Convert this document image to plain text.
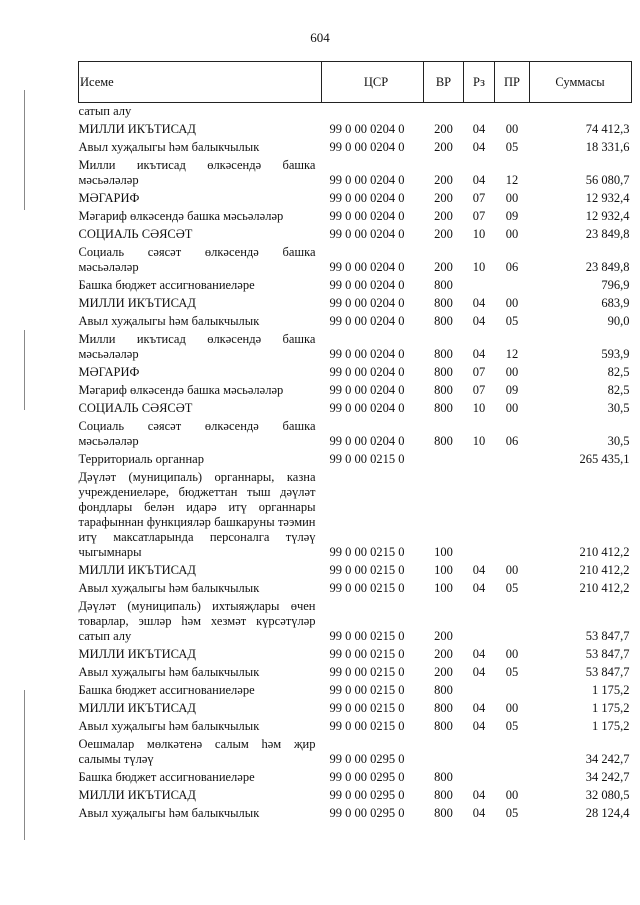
604
Исеме	ЦСР	ВР	Рз	ПР	Суммасы
сатып алу					
МИЛЛИ ИКЪТИСАД	99 0 00 0204 0	200	04	00	74 412,3
Авыл хуҗалыгы һәм балыкчылык	99 0 00 0204 0	200	04	05	18 331,6
Милли икътисад өлкәсендә башка мәсьәләләр	99 0 00 0204 0	200	04	12	56 080,7
МӘГАРИФ	99 0 00 0204 0	200	07	00	12 932,4
Мәгариф өлкәсендә башка мәсьәләләр	99 0 00 0204 0	200	07	09	12 932,4
СОЦИАЛЬ СӘЯСӘТ	99 0 00 0204 0	200	10	00	23 849,8
Социаль сәясәт өлкәсендә башка мәсьәләләр	99 0 00 0204 0	200	10	06	23 849,8
Башка бюджет ассигнованиеләре	99 0 00 0204 0	800			796,9
МИЛЛИ ИКЪТИСАД	99 0 00 0204 0	800	04	00	683,9
Авыл хуҗалыгы һәм балыкчылык	99 0 00 0204 0	800	04	05	90,0
Милли икътисад өлкәсендә башка мәсьәләләр	99 0 00 0204 0	800	04	12	593,9
МӘГАРИФ	99 0 00 0204 0	800	07	00	82,5
Мәгариф өлкәсендә башка мәсьәләләр	99 0 00 0204 0	800	07	09	82,5
СОЦИАЛЬ СӘЯСӘТ	99 0 00 0204 0	800	10	00	30,5
Социаль сәясәт өлкәсендә башка мәсьәләләр	99 0 00 0204 0	800	10	06	30,5
Территориаль органнар	99 0 00 0215 0				265 435,1
Дәүләт (муниципаль) органнары, казна учреждениеләре, бюджеттан тыш дәүләт фондлары белән идарә итү органнары тарафыннан функцияләр башкаруны тәэмин итү максатларында персоналга түләү чыгымнары	99 0 00 0215 0	100			210 412,2
МИЛЛИ ИКЪТИСАД	99 0 00 0215 0	100	04	00	210 412,2
Авыл хуҗалыгы һәм балыкчылык	99 0 00 0215 0	100	04	05	210 412,2
Дәүләт (муниципаль) ихтыяҗлары өчен товарлар, эшләр һәм хезмәт күрсәтүләр сатып алу	99 0 00 0215 0	200			53 847,7
МИЛЛИ ИКЪТИСАД	99 0 00 0215 0	200	04	00	53 847,7
Авыл хуҗалыгы һәм балыкчылык	99 0 00 0215 0	200	04	05	53 847,7
Башка бюджет ассигнованиеләре	99 0 00 0215 0	800			1 175,2
МИЛЛИ ИКЪТИСАД	99 0 00 0215 0	800	04	00	1 175,2
Авыл хуҗалыгы һәм балыкчылык	99 0 00 0215 0	800	04	05	1 175,2
Оешмалар мөлкәтенә салым һәм җир салымы түләү	99 0 00 0295 0				34 242,7
Башка бюджет ассигнованиеләре	99 0 00 0295 0	800			34 242,7
МИЛЛИ ИКЪТИСАД	99 0 00 0295 0	800	04	00	32 080,5
Авыл хуҗалыгы һәм балыкчылык	99 0 00 0295 0	800	04	05	28 124,4
